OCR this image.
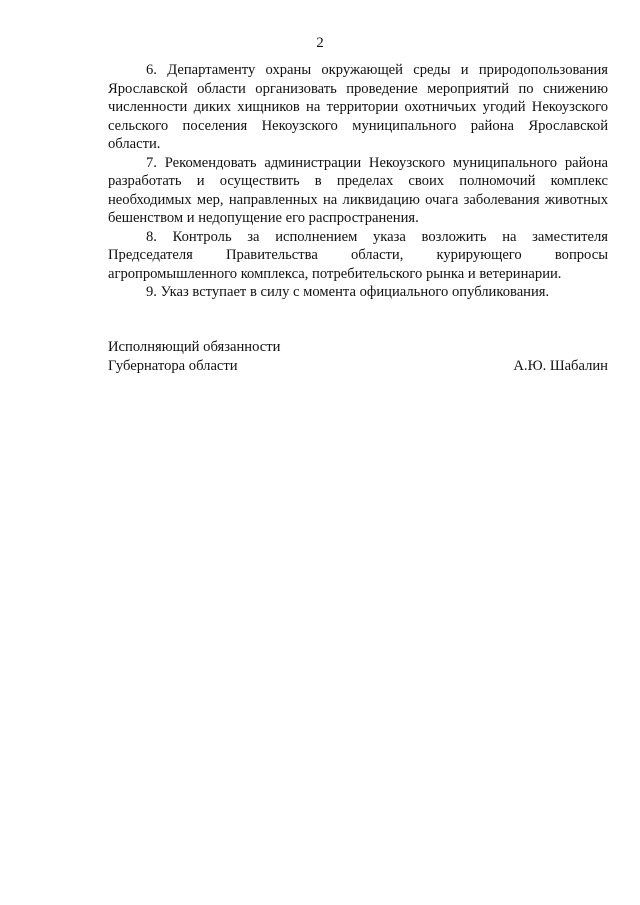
2

6. Департаменту охраны окружающей среды и природопользования Ярославской области организовать проведение мероприятий по снижению численности диких хищников на территории охотничьих угодий Некоузского сельского поселения Некоузского муниципального района Ярославской области.

7. Рекомендовать администрации Некоузского муниципального района разработать и осуществить в пределах своих полномочий комплекс необходимых мер, направленных на ликвидацию очага заболевания животных бешенством и недопущение его распространения.

8. Контроль за исполнением указа возложить на заместителя Председателя Правительства области, курирующего вопросы агропромышленного комплекса, потребительского рынка и ветеринарии.

9. Указ вступает в силу с момента официального опубликования.

Исполняющий обязанности
Губернатора области	А.Ю. Шабалин
